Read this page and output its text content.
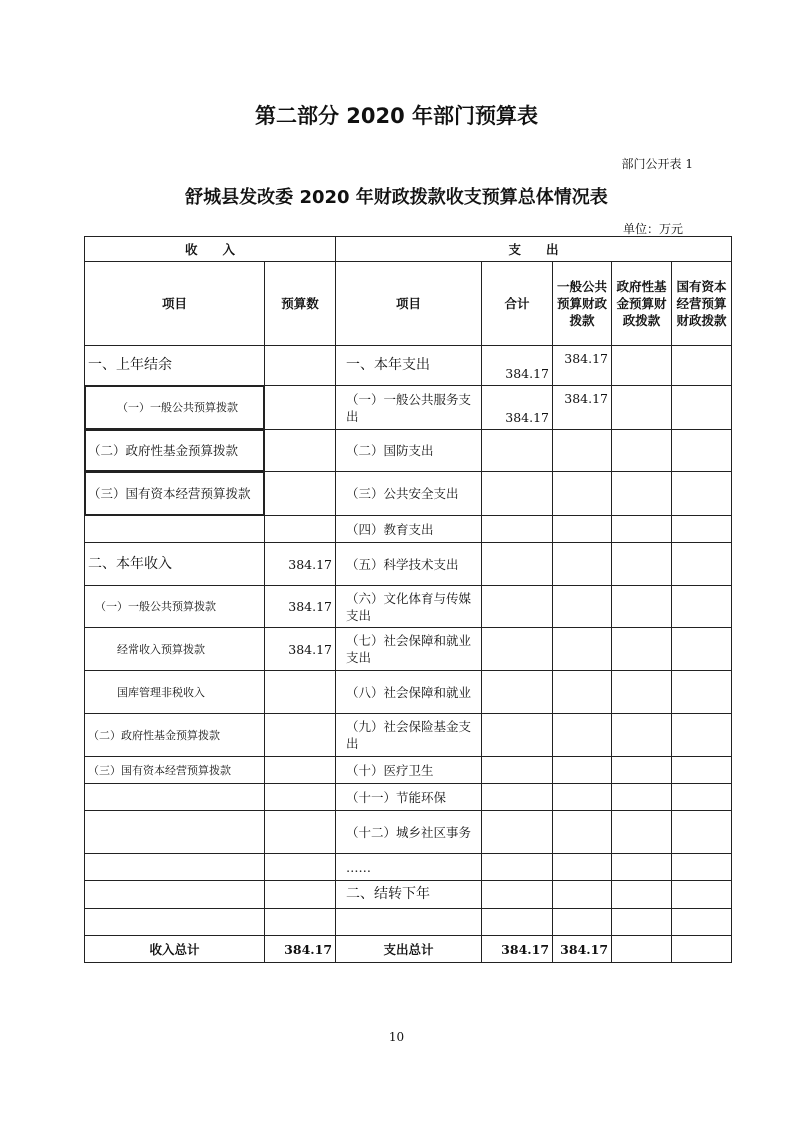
第二部分 2020 年部门预算表
部门公开表 1
舒城县发改委 2020 年财政拨款收支预算总体情况表
单位：万元
收　　入		支　　出				
项目	预算数	项目	合计	一般公共预算财政拨款	政府性基金预算财政拨款	国有资本经营预算财政拨款
一、上年结余		一、本年支出	384.17	384.17		
（一）一般公共预算拨款		（一）一般公共服务支出	384.17	384.17		
（二）政府性基金预算拨款		（二）国防支出				
（三）国有资本经营预算拨款		（三）公共安全支出				
		（四）教育支出				
二、本年收入	384.17	（五）科学技术支出				
（一）一般公共预算拨款	384.17	（六）文化体育与传媒支出				
经常收入预算拨款	384.17	（七）社会保障和就业支出				
国库管理非税收入		（八）社会保障和就业				
（二）政府性基金预算拨款		（九）社会保险基金支出				
（三）国有资本经营预算拨款		（十）医疗卫生				
		（十一）节能环保				
		（十二）城乡社区事务				
		……				
		二、结转下年				

收入总计	384.17	支出总计	384.17	384.17		
10
